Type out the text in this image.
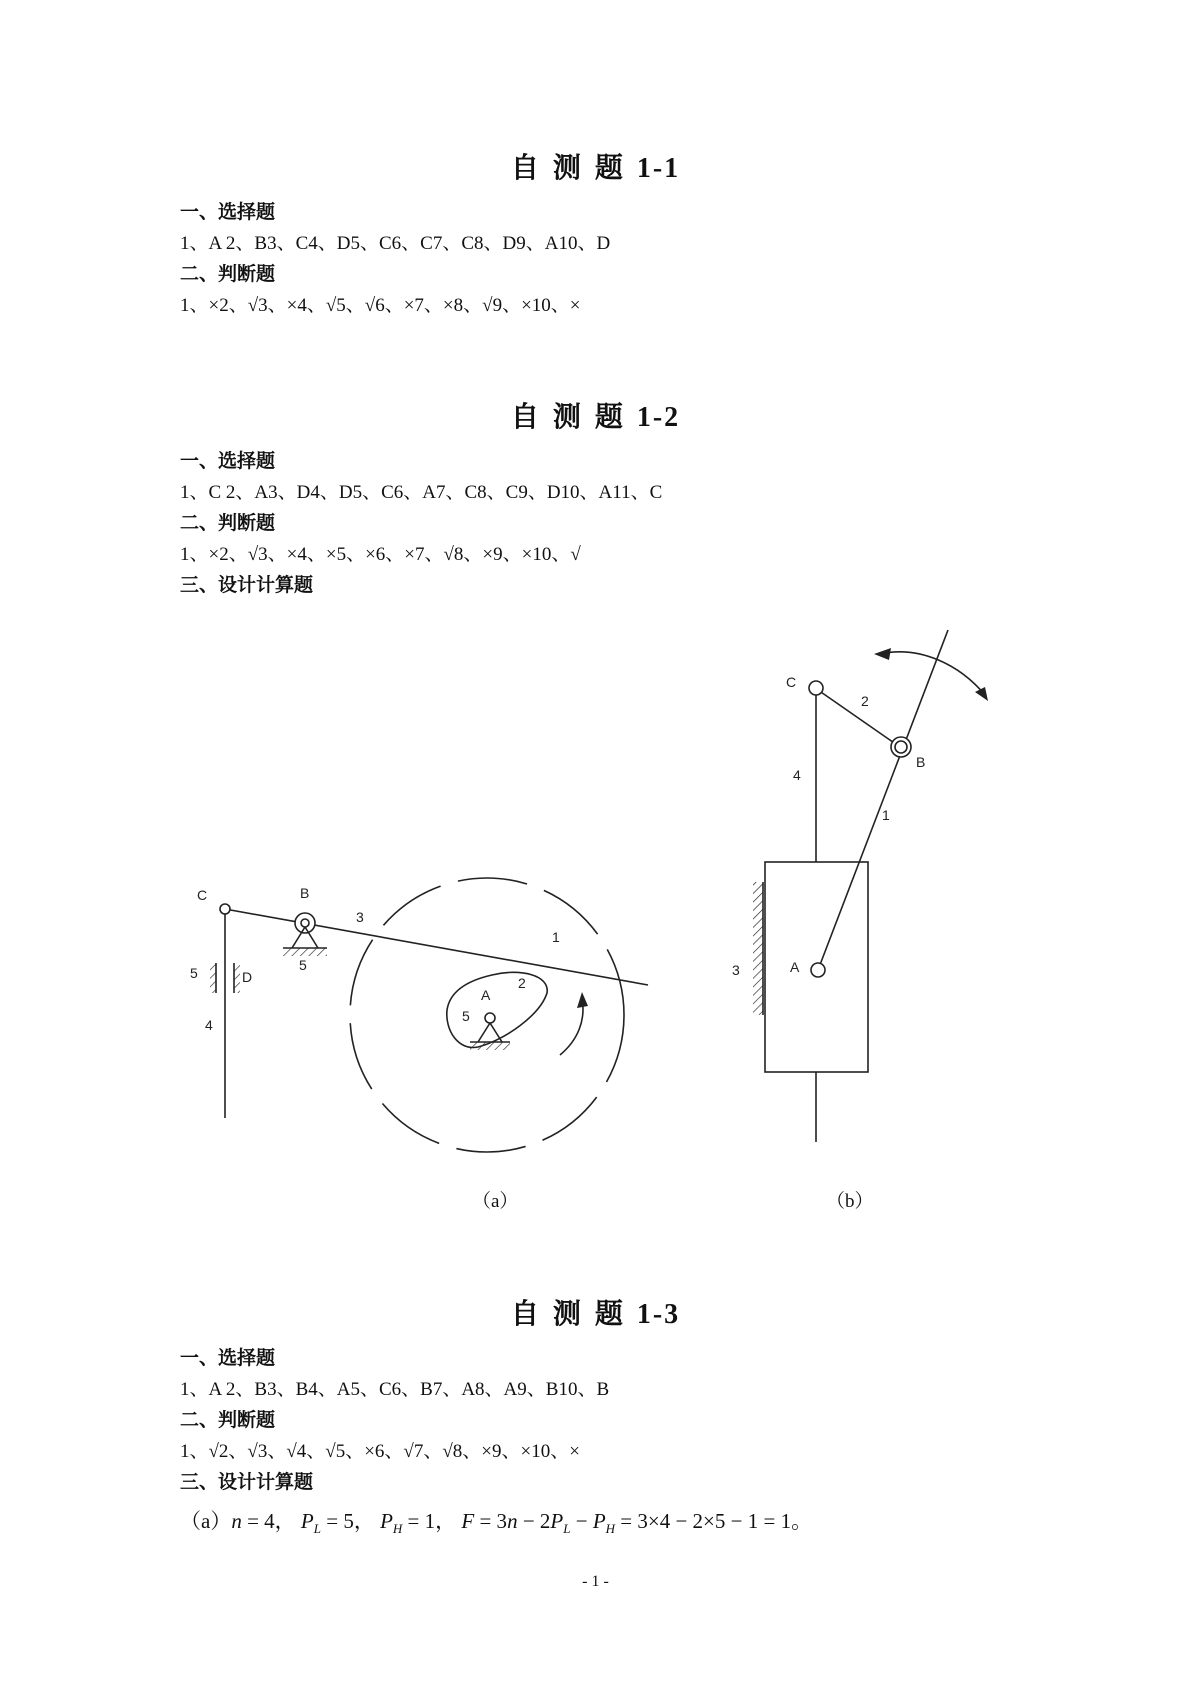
自测题1-1
一、选择题
1、A 2、B3、C4、D5、C6、C7、C8、D9、A10、D
二、判断题
1、×2、√3、×4、√5、√6、×7、×8、√9、×10、×
自测题1-2
一、选择题
1、C 2、A3、D4、D5、C6、A7、C8、C9、D10、A11、C
二、判断题
1、×2、√3、×4、×5、×6、×7、√8、×9、×10、√
三、设计计算题
C	B
3
1
2
A
5
5
5	D
4
C
2
B
4
1
A
3
（a）	（b）
自测题1-3
一、选择题
1、A 2、B3、B4、A5、C6、B7、A8、A9、B10、B
二、判断题
1、√2、√3、√4、√5、×6、√7、√8、×9、×10、×
三、设计计算题
（a）n = 4， $P_L = 5$， $P_H = 1$， $F = 3n - 2P_L - P_H = 3\times 4 - 2\times 5 - 1 = 1$。
- 1 -
